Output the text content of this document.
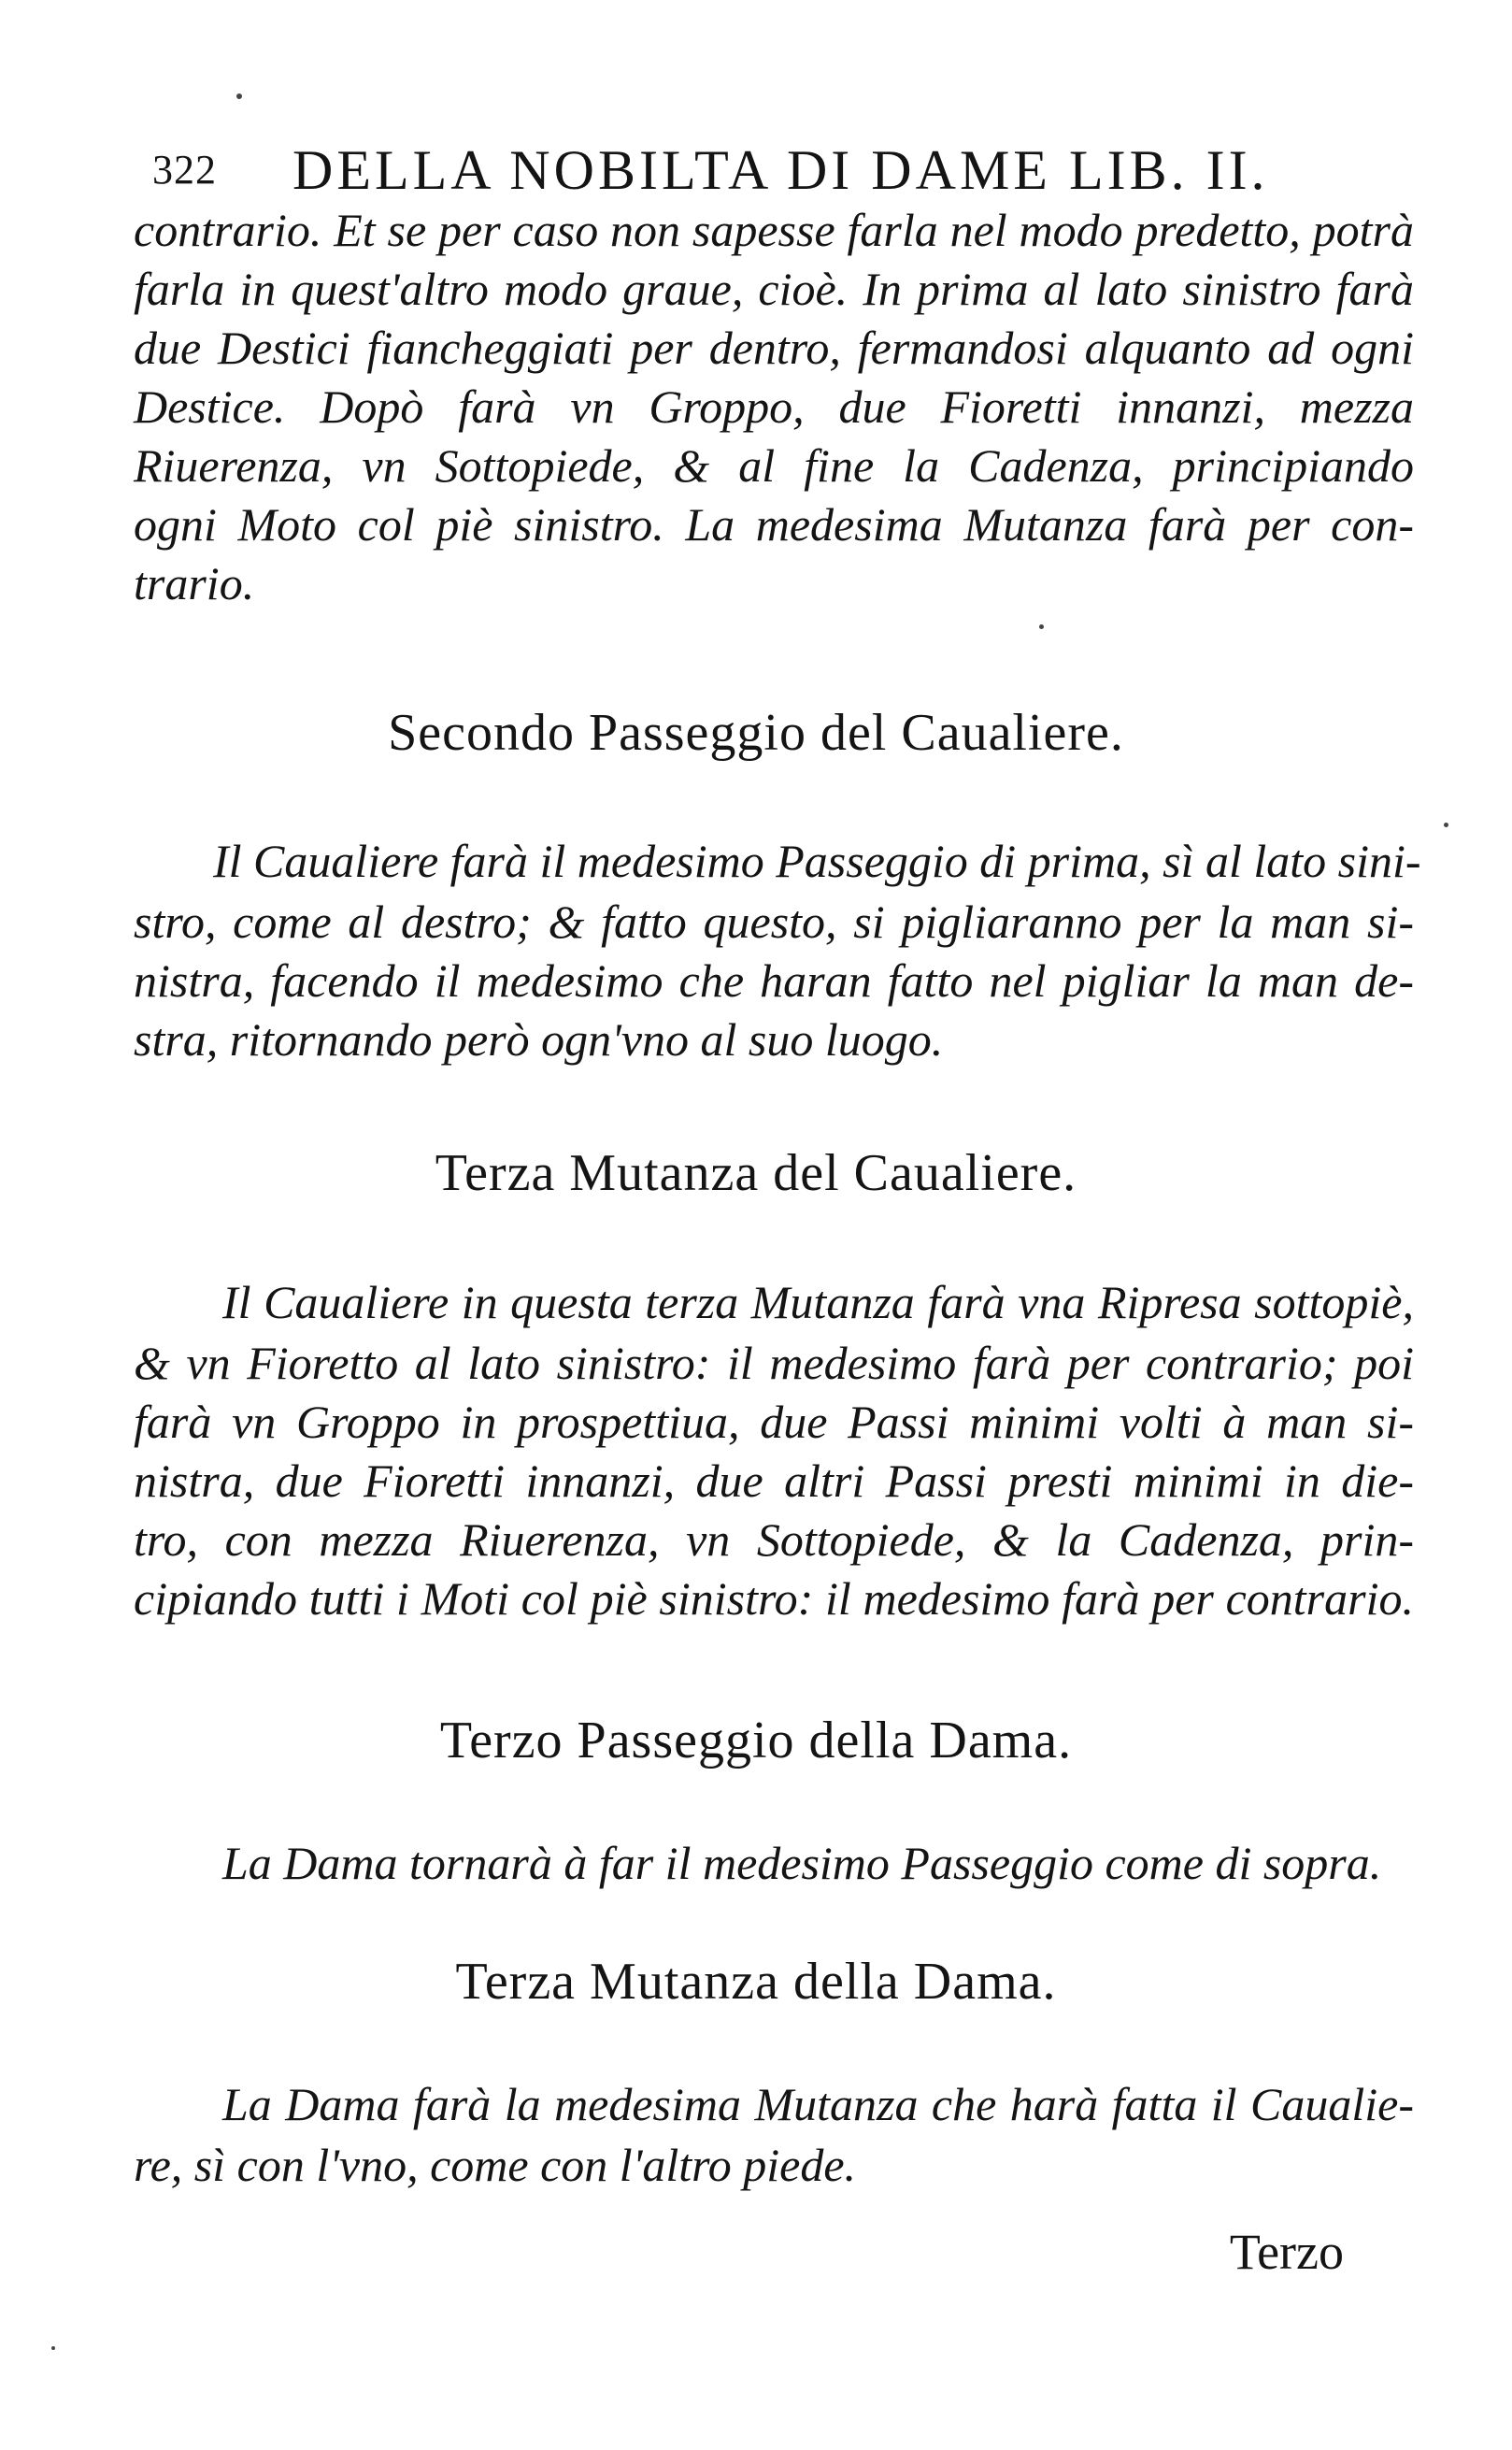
322 DELLA NOBILTA DI DAME LIB. II.
contrario. Et se per caso non sapesse farla nel modo predetto, potrà
farla in quest'altro modo graue, cioè. In prima al lato sinistro farà
due Destici fiancheggiati per dentro, fermandosi alquanto ad ogni
Destice. Dopò farà vn Groppo, due Fioretti innanzi, mezza
Riuerenza, vn Sottopiede, & al fine la Cadenza, principiando
ogni Moto col piè sinistro. La medesima Mutanza farà per con-
trario.
Secondo Passeggio del Caualiere.
Il Caualiere farà il medesimo Passeggio di prima, sì al lato sini-
stro, come al destro; & fatto questo, si pigliaranno per la man si-
nistra, facendo il medesimo che haran fatto nel pigliar la man de-
stra, ritornando però ogn'vno al suo luogo.
Terza Mutanza del Caualiere.
Il Caualiere in questa terza Mutanza farà vna Ripresa sottopiè,
& vn Fioretto al lato sinistro: il medesimo farà per contrario; poi
farà vn Groppo in prospettiua, due Passi minimi volti à man si-
nistra, due Fioretti innanzi, due altri Passi presti minimi in die-
tro, con mezza Riuerenza, vn Sottopiede, & la Cadenza, prin-
cipiando tutti i Moti col piè sinistro: il medesimo farà per contrario.
Terzo Passeggio della Dama.
La Dama tornarà à far il medesimo Passeggio come di sopra.
Terza Mutanza della Dama.
La Dama farà la medesima Mutanza che harà fatta il Caualie-
re, sì con l'vno, come con l'altro piede.
Terzo
